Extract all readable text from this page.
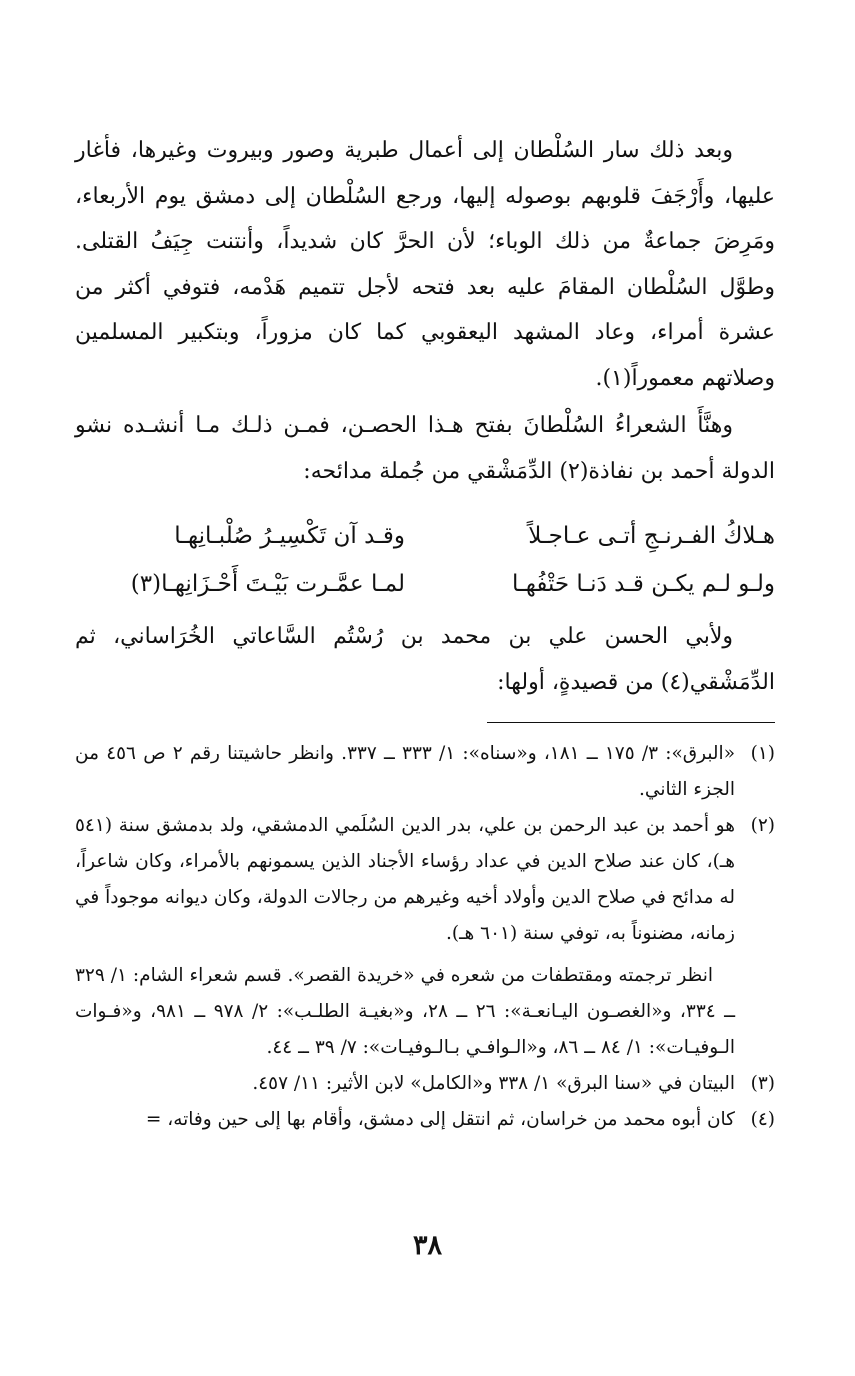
وبعد ذلك سار السُلْطان إلى أعمال طبرية وصور وبيروت وغيرها، فأغار عليها، وأَرْجَفَ قلوبهم بوصوله إليها، ورجع السُلْطان إلى دمشق يوم الأربعاء، ومَرِضَ جماعةٌ من ذلك الوباء؛ لأن الحرَّ كان شديداً، وأنتنت جِيَفُ القتلى. وطوَّل السُلْطان المقامَ عليه بعد فتحه لأجل تتميم هَدْمه، فتوفي أكثر من عشرة أمراء، وعاد المشهد اليعقوبي كما كان مزوراً، وبتكبير المسلمين وصلاتهم معموراً(١).

وهنَّأَ الشعراءُ السُلْطانَ بفتح هـذا الحصـن، فمـن ذلـك مـا أنشـده نشو الدولة أحمد بن نفاذة(٢) الدِّمَشْقي من جُملة مدائحه:

هـلاكُ الفـرنـجِ أتـى عـاجـلاً
وقـد آن تَكْسِيـرُ صُلْبـانِهـا
ولـو لـم يكـن قـد دَنـا حَتْفُهـا
لمـا عمَّـرت بَيْـتَ أَحْـزَانِهـا(٣)

ولأبي الحسن علي بن محمد بن رُسْتُم السَّاعاتي الخُرَاساني، ثم الدِّمَشْقي(٤) من قصيدةٍ، أولها:

(١)«البرق»: ٣/ ١٧٥ ــ ١٨١، و«سناه»: ١/ ٣٣٣ ــ ٣٣٧. وانظر حاشيتنا رقم ٢ ص ٤٥٦ من الجزء الثاني.

(٢)هو أحمد بن عبد الرحمن بن علي، بدر الدين السُلَمي الدمشقي، ولد بدمشق سنة (٥٤١ هـ)، كان عند صلاح الدين في عداد رؤساء الأجناد الذين يسمونهم بالأمراء، وكان شاعراً، له مدائح في صلاح الدين وأولاد أخيه وغيرهم من رجالات الدولة، وكان ديوانه موجوداً في زمانه، مضنوناً به، توفي سنة (٦٠١ هـ).

انظر ترجمته ومقتطفات من شعره في «خريدة القصر». قسم شعراء الشام: ١/ ٣٢٩ ــ ٣٣٤، و«الغصـون اليـانعـة»: ٢٦ ــ ٢٨، و«بغيـة الطلـب»: ٢/ ٩٧٨ ــ ٩٨١، و«فـوات الـوفيـات»: ١/ ٨٤ ــ ٨٦، و«الـوافـي بـالـوفيـات»: ٧/ ٣٩ ــ ٤٤.

(٣)البيتان في «سنا البرق» ١/ ٣٣٨ و«الكامل» لابن الأثير: ١١/ ٤٥٧.

(٤)كان أبوه محمد من خراسان، ثم انتقل إلى دمشق، وأقام بها إلى حين وفاته، =

٣٨
